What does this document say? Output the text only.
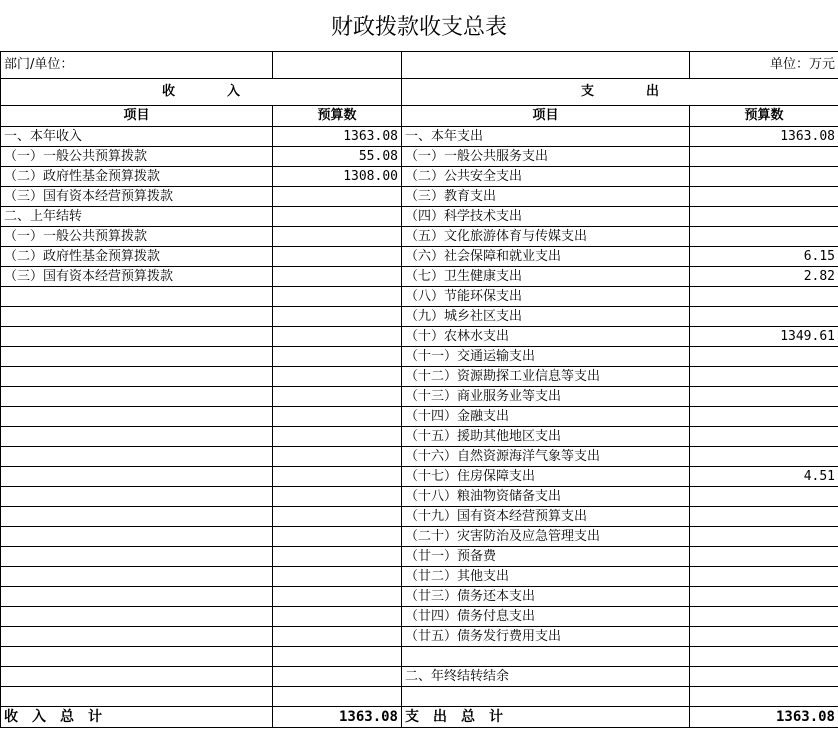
财政拨款收支总表
部门/单位：			单位：万元
收　　　　入		支　　　　出	
项目	预算数	项目	预算数
一、本年收入	1363.08	一、本年支出	1363.08
（一）一般公共预算拨款	55.08	（一）一般公共服务支出	
（二）政府性基金预算拨款	1308.00	（二）公共安全支出	
（三）国有资本经营预算拨款		（三）教育支出	
二、上年结转		（四）科学技术支出	
（一）一般公共预算拨款		（五）文化旅游体育与传媒支出	
（二）政府性基金预算拨款		（六）社会保障和就业支出	6.15
（三）国有资本经营预算拨款		（七）卫生健康支出	2.82
		（八）节能环保支出	
		（九）城乡社区支出	
		（十）农林水支出	1349.61
		（十一）交通运输支出	
		（十二）资源勘探工业信息等支出	
		（十三）商业服务业等支出	
		（十四）金融支出	
		（十五）援助其他地区支出	
		（十六）自然资源海洋气象等支出	
		（十七）住房保障支出	4.51
		（十八）粮油物资储备支出	
		（十九）国有资本经营预算支出	
		（二十）灾害防治及应急管理支出	
		（廿一）预备费	
		（廿二）其他支出	
		（廿三）债务还本支出	
		（廿四）债务付息支出	
		（廿五）债务发行费用支出	

		二、年终结转结余	

收　入　总　计	1363.08	支　出　总　计	1363.08
